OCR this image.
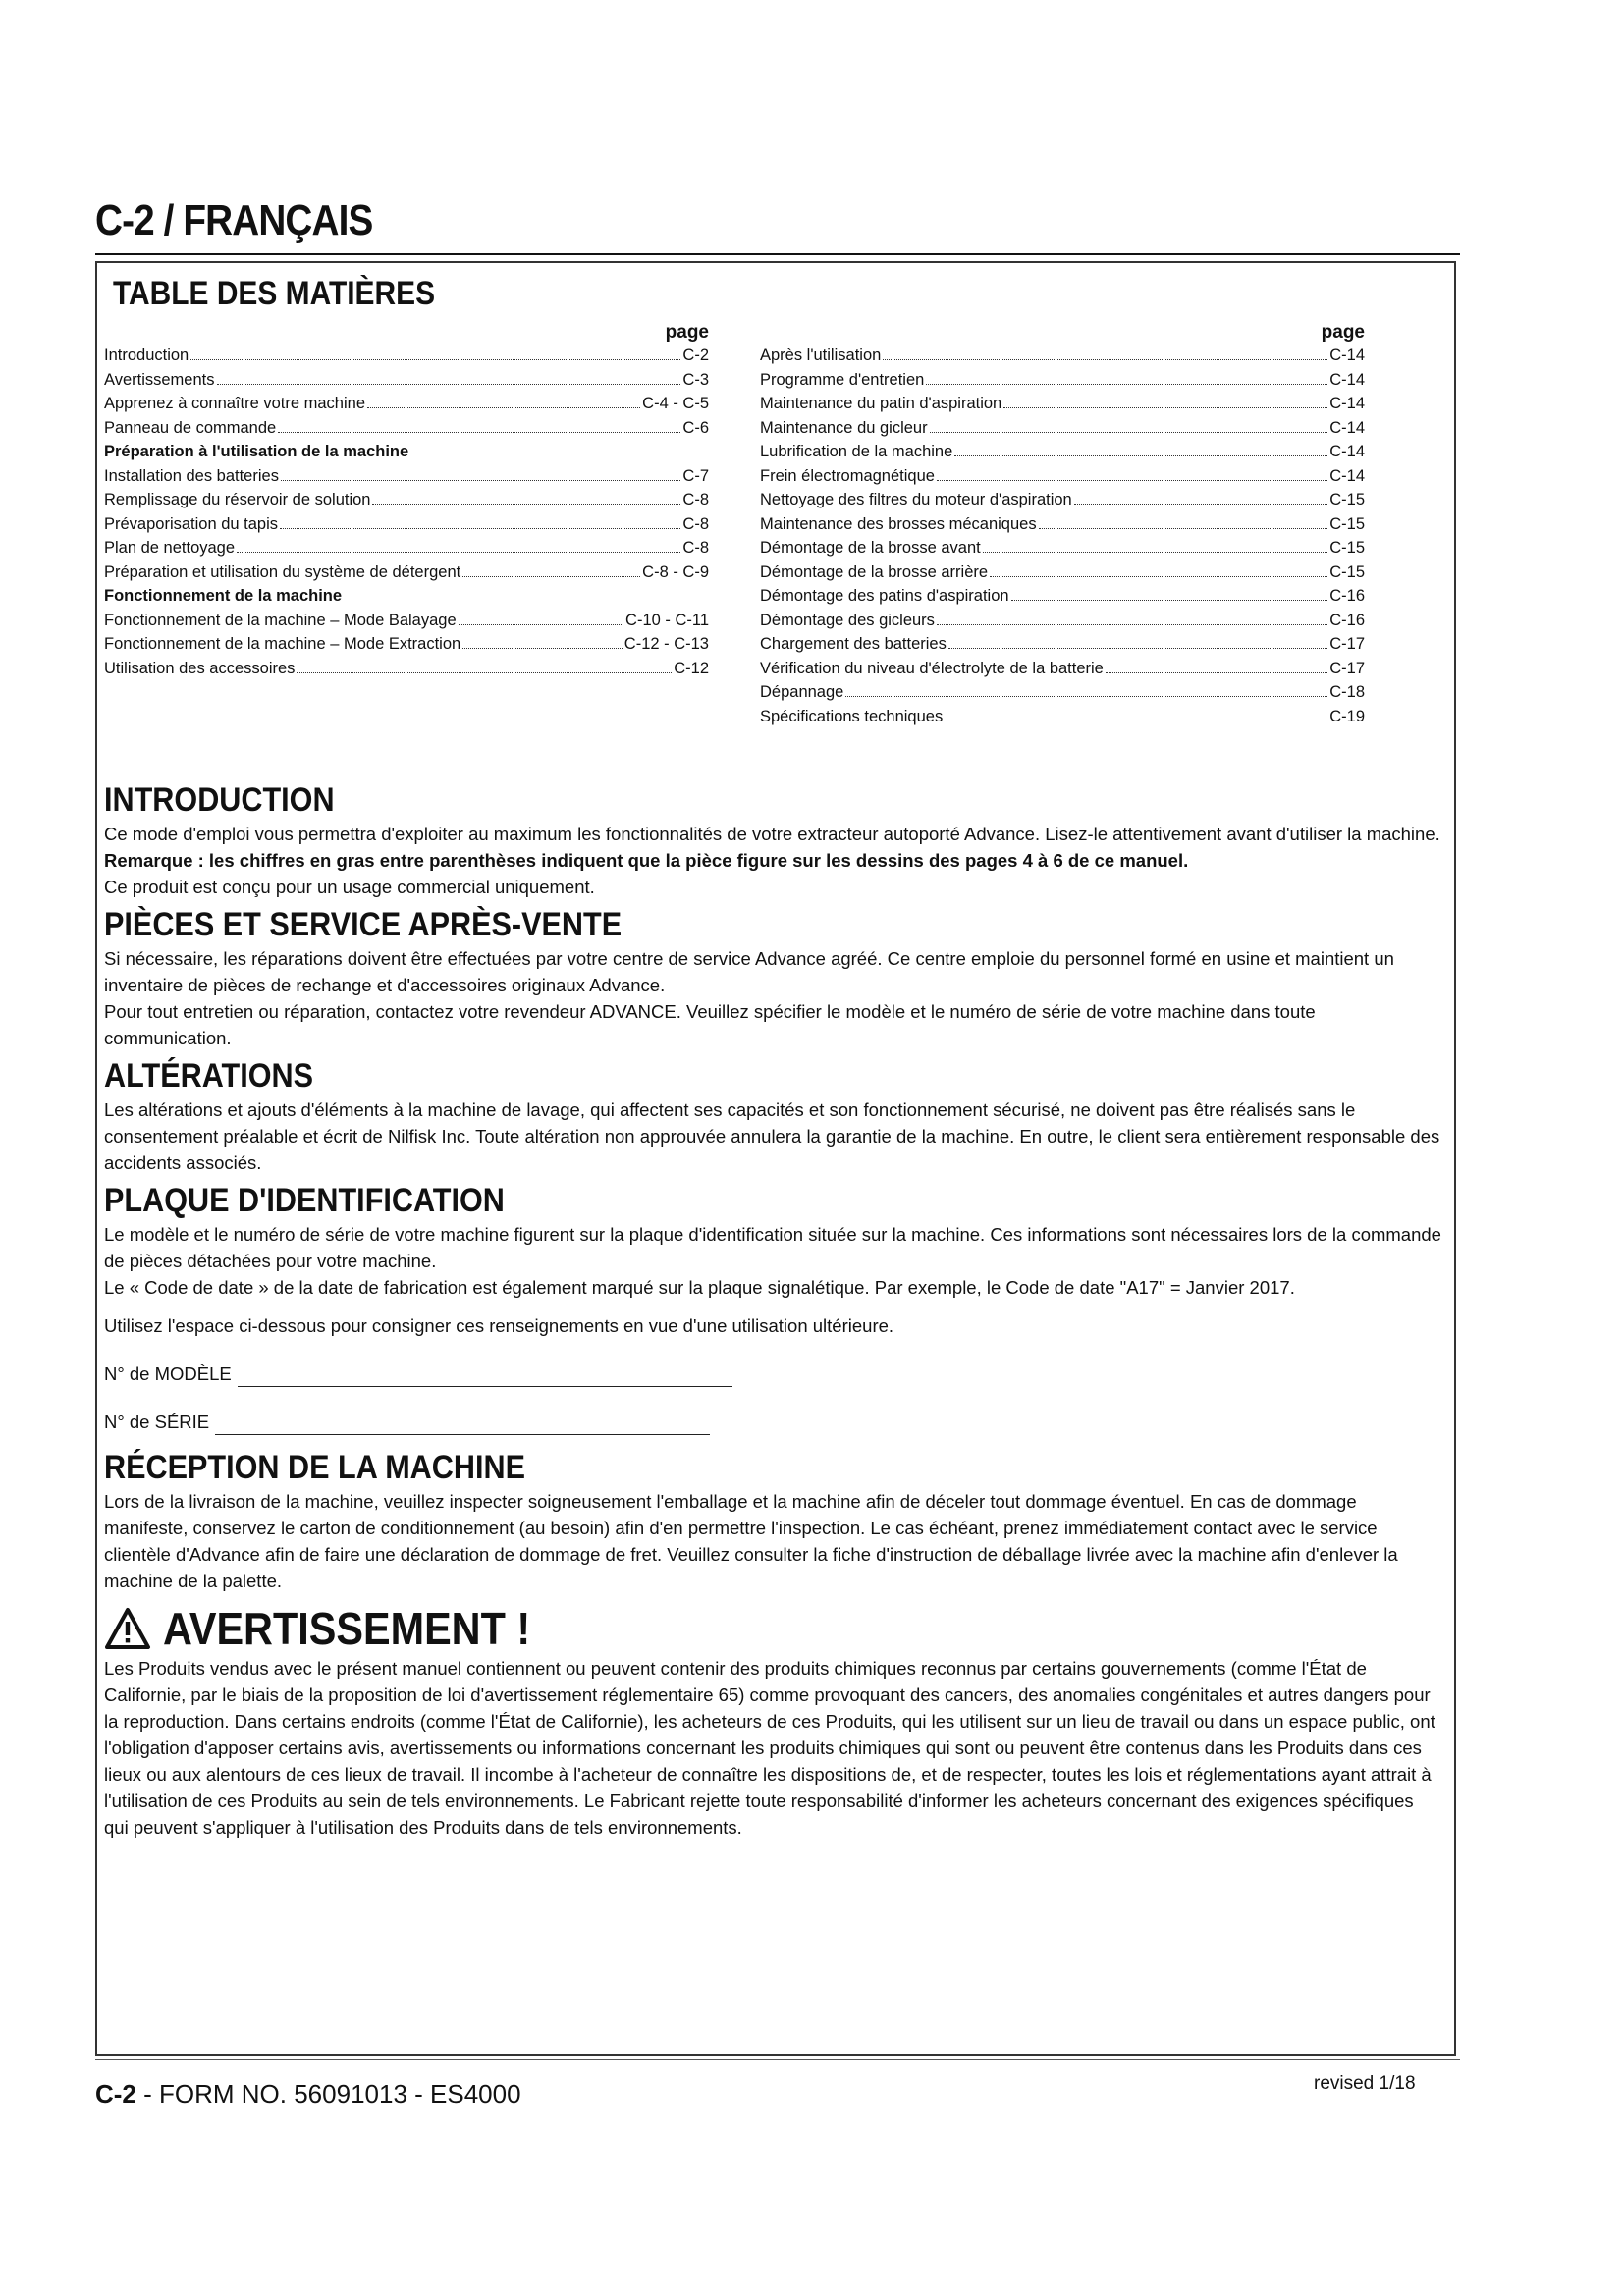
C-2 / FRANÇAIS
TABLE DES MATIÈRES
page
Introduction	C-2
Avertissements	C-3
Apprenez à connaître votre machine	C-4 - C-5
Panneau de commande	C-6
Préparation à l'utilisation de la machine
Installation des batteries	C-7
Remplissage du réservoir de solution	C-8
Prévaporisation du tapis	C-8
Plan de nettoyage	C-8
Préparation et utilisation du système de détergent	C-8 - C-9
Fonctionnement de la machine
Fonctionnement de la machine – Mode Balayage	C-10 - C-11
Fonctionnement de la machine – Mode Extraction	C-12 - C-13
Utilisation des accessoires	C-12
page
Après l'utilisation	C-14
Programme d'entretien	C-14
Maintenance du patin d'aspiration	C-14
Maintenance du gicleur	C-14
Lubrification de la machine	C-14
Frein électromagnétique	C-14
Nettoyage des filtres du moteur d'aspiration	C-15
Maintenance des brosses mécaniques	C-15
Démontage de la brosse avant	C-15
Démontage de la brosse arrière	C-15
Démontage des patins d'aspiration	C-16
Démontage des gicleurs	C-16
Chargement des batteries	C-17
Vérification du niveau d'électrolyte de la batterie	C-17
Dépannage	C-18
Spécifications techniques	C-19
INTRODUCTION

Ce mode d'emploi vous permettra d'exploiter au maximum les fonctionnalités de votre extracteur autoporté Advance. Lisez-le attentivement avant d'utiliser la machine.

Remarque : les chiffres en gras entre parenthèses indiquent que la pièce figure sur les dessins des pages 4 à 6 de ce manuel.

Ce produit est conçu pour un usage commercial uniquement.

PIÈCES ET SERVICE APRÈS-VENTE

Si nécessaire, les réparations doivent être effectuées par votre centre de service Advance agréé. Ce centre emploie du personnel formé en usine et maintient un inventaire de pièces de rechange et d'accessoires originaux Advance.

Pour tout entretien ou réparation, contactez votre revendeur ADVANCE. Veuillez spécifier le modèle et le numéro de série de votre machine dans toute communication.

ALTÉRATIONS

Les altérations et ajouts d'éléments à la machine de lavage, qui affectent ses capacités et son fonctionnement sécurisé, ne doivent pas être réalisés sans le consentement préalable et écrit de Nilfisk Inc. Toute altération non approuvée annulera la garantie de la machine. En outre, le client sera entièrement responsable des accidents associés.

PLAQUE D'IDENTIFICATION

Le modèle et le numéro de série de votre machine figurent sur la plaque d'identification située sur la machine. Ces informations sont nécessaires lors de la commande de pièces détachées pour votre machine.

Le « Code de date » de la date de fabrication est également marqué sur la plaque signalétique. Par exemple, le Code de date "A17" = Janvier 2017.

Utilisez l'espace ci-dessous pour consigner ces renseignements en vue d'une utilisation ultérieure.

N° de MODÈLE
N° de SÉRIE
RÉCEPTION DE LA MACHINE

Lors de la livraison de la machine, veuillez inspecter soigneusement l'emballage et la machine afin de déceler tout dommage éventuel. En cas de dommage manifeste, conservez le carton de conditionnement (au besoin) afin d'en permettre l'inspection. Le cas échéant, prenez immédiatement contact avec le service clientèle d'Advance afin de faire une déclaration de dommage de fret. Veuillez consulter la fiche d'instruction de déballage livrée avec la machine afin d'enlever la machine de la palette.

AVERTISSEMENT !

Les Produits vendus avec le présent manuel contiennent ou peuvent contenir des produits chimiques reconnus par certains gouvernements (comme l'État de Californie, par le biais de la proposition de loi d'avertissement réglementaire 65) comme provoquant des cancers, des anomalies congénitales et autres dangers pour la reproduction. Dans certains endroits (comme l'État de Californie), les acheteurs de ces Produits, qui les utilisent sur un lieu de travail ou dans un espace public, ont l'obligation d'apposer certains avis, avertissements ou informations concernant les produits chimiques qui sont ou peuvent être contenus dans les Produits dans ces lieux ou aux alentours de ces lieux de travail. Il incombe à l'acheteur de connaître les dispositions de, et de respecter, toutes les lois et réglementations ayant attrait à l'utilisation de ces Produits au sein de tels environnements. Le Fabricant rejette toute responsabilité d'informer les acheteurs concernant des exigences spécifiques qui peuvent s'appliquer à l'utilisation des Produits dans de tels environnements.

C-2 - FORM NO. 56091013 - ES4000	revised 1/18
